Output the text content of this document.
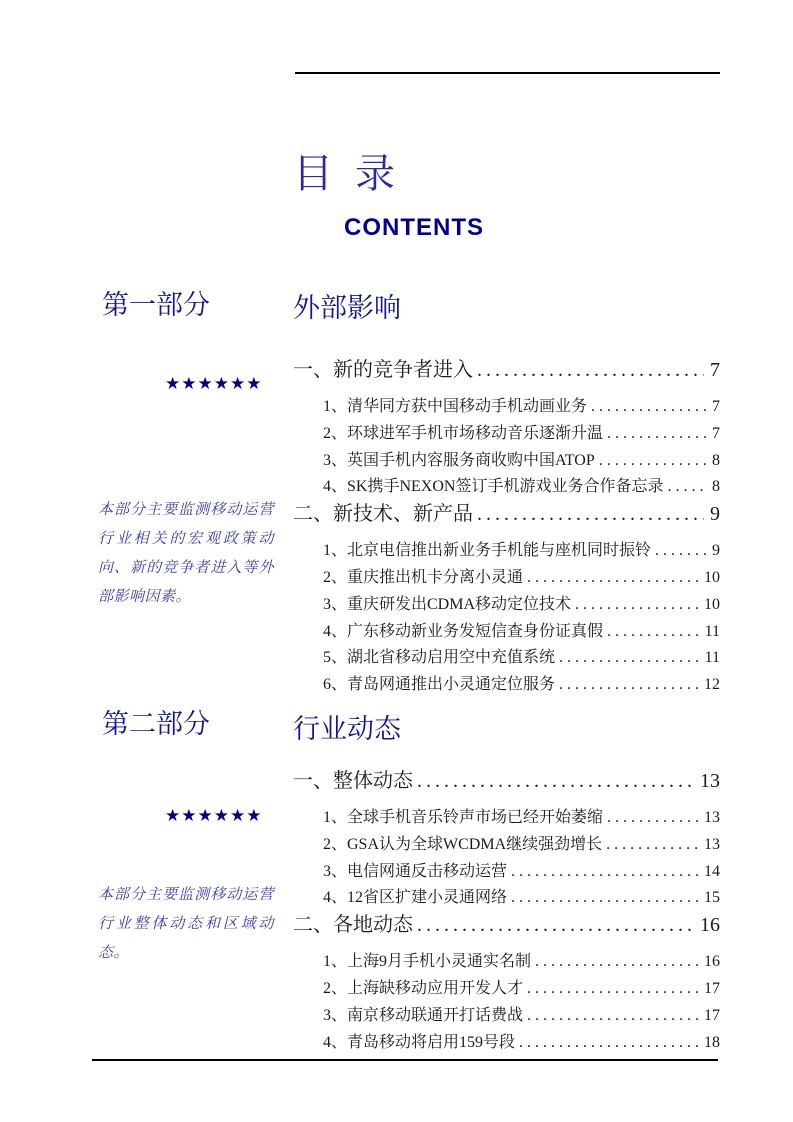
目 录
CONTENTS
第一部分
★★★★★★
本部分主要监测移动运营行业相关的宏观政策动向、新的竞争者进入等外部影响因素。
第二部分
★★★★★★
本部分主要监测移动运营行业整体动态和区域动态。
外部影响
一、新的竞争者进入 .....	7
1、清华同方获中国移动手机动画业务 .....	7
2、环球进军手机市场移动音乐逐渐升温 .....	7
3、英国手机内容服务商收购中国ATOP .....	8
4、SK携手NEXON签订手机游戏业务合作备忘录 .....	8
二、新技术、新产品 .....	9
1、北京电信推出新业务手机能与座机同时振铃 .....	9
2、重庆推出机卡分离小灵通 .....	10
3、重庆研发出CDMA移动定位技术 .....	10
4、广东移动新业务发短信查身份证真假 .....	11
5、湖北省移动启用空中充值系统 .....	11
6、青岛网通推出小灵通定位服务 .....	12
行业动态
一、整体动态 .....	13
1、全球手机音乐铃声市场已经开始萎缩 .....	13
2、GSA认为全球WCDMA继续强劲增长 .....	13
3、电信网通反击移动运营 .....	14
4、12省区扩建小灵通网络 .....	15
二、各地动态 .....	16
1、上海9月手机小灵通实名制 .....	16
2、上海缺移动应用开发人才 .....	17
3、南京移动联通开打话费战 .....	17
4、青岛移动将启用159号段 .....	18
